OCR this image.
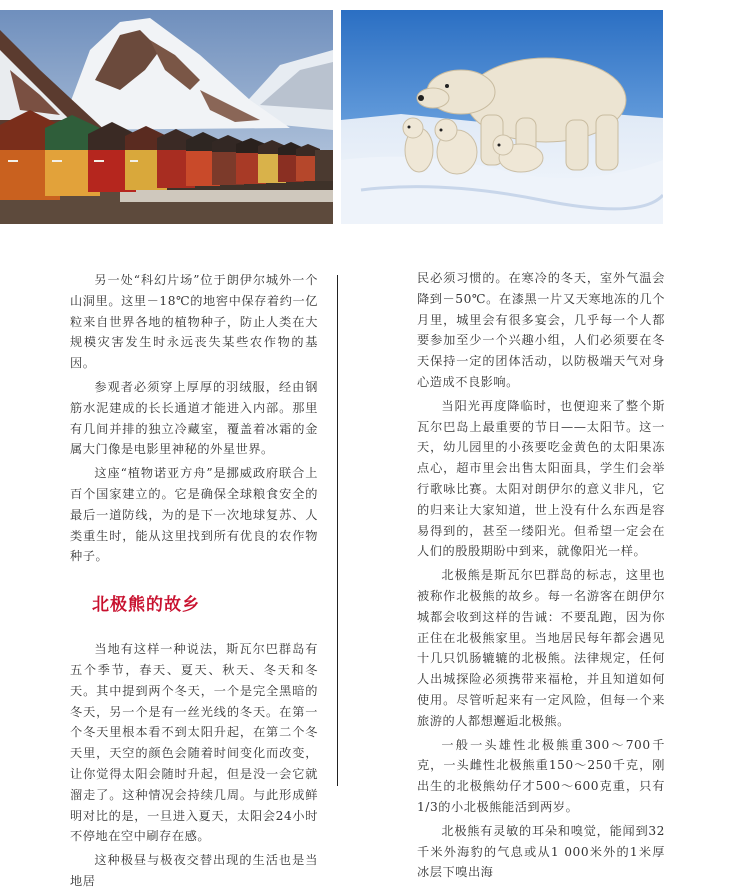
另一处“科幻片场”位于朗伊尔城外一个山洞里。这里－18℃的地窖中保存着约一亿粒来自世界各地的植物种子，防止人类在大规模灾害发生时永远丧失某些农作物的基因。

参观者必须穿上厚厚的羽绒服，经由钢筋水泥建成的长长通道才能进入内部。那里有几间并排的独立冷藏室，覆盖着冰霜的金属大门像是电影里神秘的外星世界。

这座“植物诺亚方舟”是挪威政府联合上百个国家建立的。它是确保全球粮食安全的最后一道防线，为的是下一次地球复苏、人类重生时，能从这里找到所有优良的农作物种子。

北极熊的故乡

当地有这样一种说法，斯瓦尔巴群岛有五个季节，春天、夏天、秋天、冬天和冬天。其中提到两个冬天，一个是完全黑暗的冬天，另一个是有一丝光线的冬天。在第一个冬天里根本看不到太阳升起，在第二个冬天里，天空的颜色会随着时间变化而改变，让你觉得太阳会随时升起，但是没一会它就溜走了。这种情况会持续几周。与此形成鲜明对比的是，一旦进入夏天，太阳会24小时不停地在空中刷存在感。

这种极昼与极夜交替出现的生活也是当地居

民必须习惯的。在寒冷的冬天，室外气温会降到－50℃。在漆黑一片又天寒地冻的几个月里，城里会有很多宴会，几乎每一个人都要参加至少一个兴趣小组，人们必须要在冬天保持一定的团体活动，以防极端天气对身心造成不良影响。

当阳光再度降临时，也便迎来了整个斯瓦尔巴岛上最重要的节日——太阳节。这一天，幼儿园里的小孩要吃金黄色的太阳果冻点心，超市里会出售太阳面具，学生们会举行歌咏比赛。太阳对朗伊尔的意义非凡，它的归来让大家知道，世上没有什么东西是容易得到的，甚至一缕阳光。但希望一定会在人们的殷殷期盼中到来，就像阳光一样。

北极熊是斯瓦尔巴群岛的标志，这里也被称作北极熊的故乡。每一名游客在朗伊尔城都会收到这样的告诫：不要乱跑，因为你正住在北极熊家里。当地居民每年都会遇见十几只饥肠辘辘的北极熊。法律规定，任何人出城探险必须携带来福枪，并且知道如何使用。尽管听起来有一定风险，但每一个来旅游的人都想邂逅北极熊。

一般一头雄性北极熊重300～700千克，一头雌性北极熊重150～250千克，刚出生的北极熊幼仔才500～600克重，只有1/3的小北极熊能活到两岁。

北极熊有灵敏的耳朵和嗅觉，能闻到32千米外海豹的气息或从1 000米外的1米厚冰层下嗅出海
